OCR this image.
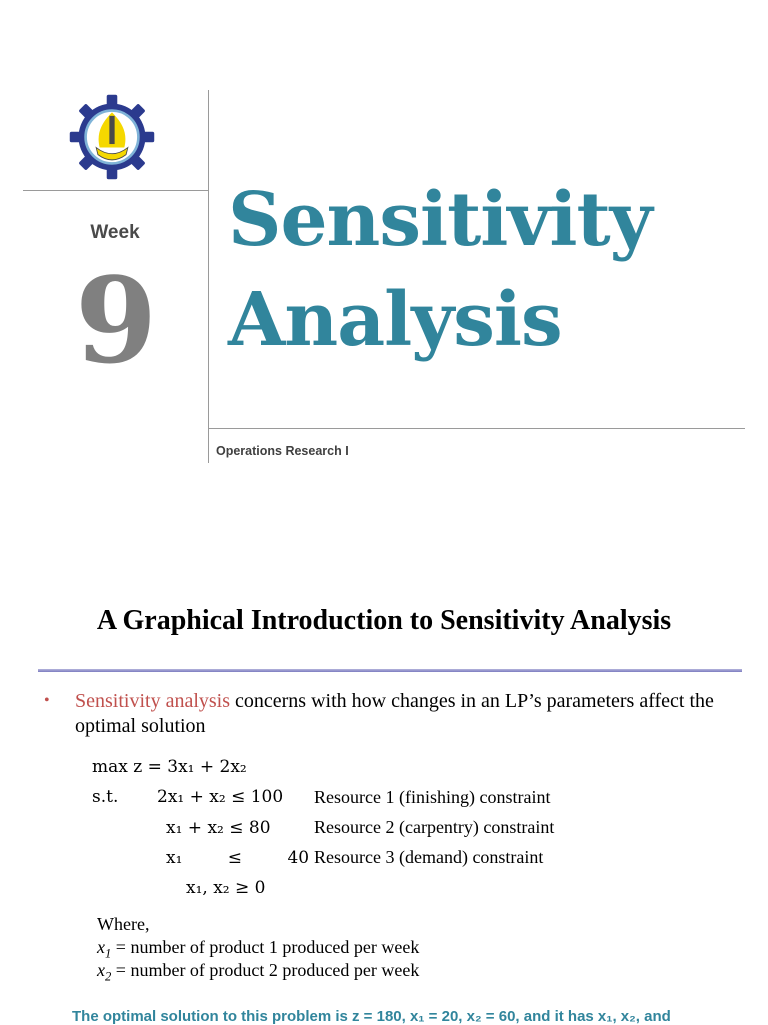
Week
9
Sensitivity
Analysis
Operations Research I
A Graphical Introduction to Sensitivity Analysis
• Sensitivity analysis concerns with how changes in an LP’s parameters affect the optimal solution
max z = 3x₁ + 2x₂
s.t. 2x₁ + x₂ ≤ 100 Resource 1 (finishing) constraint
x₁ + x₂ ≤ 80 Resource 2 (carpentry) constraint
x₁ ≤ 40 Resource 3 (demand) constraint
x₁, x₂ ≥ 0
Where,
$x_1$ = number of product 1 produced per week
$x_2$ = number of product 2 produced per week
The optimal solution to this problem is z = 180, x₁ = 20, x₂ = 60, and it has x₁, x₂, and
